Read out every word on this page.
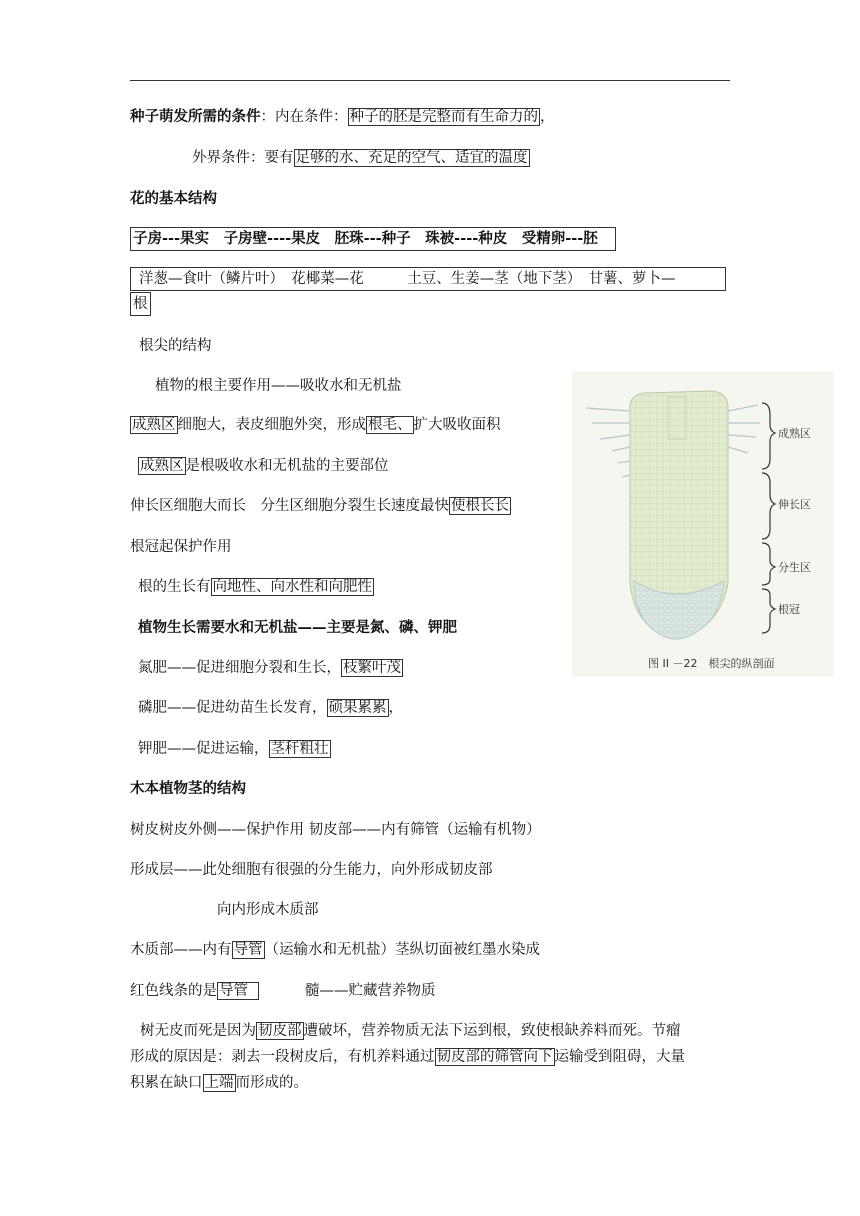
种子萌发所需的条件：内在条件： 种子的胚是完整而有生命力的 ，
外界条件：要有 足够的水、充足的空气、适宜的温度
花的基本结构
子房---果实　子房壁----果皮　胚珠---种子　珠被----种皮　受精卵---胚
洋葱—食叶（鳞片叶）　花椰菜—花　　　土豆、生姜—茎（地下茎）　甘薯、萝卜—
根
根尖的结构
植物的根主要作用——吸收水和无机盐
成熟区 细胞大，表皮细胞外突，形成 根毛、 扩大吸收面积
成熟区 是根吸收水和无机盐的主要部位
伸长区细胞大而长　分生区细胞分裂生长速度最快 使根长长
根冠起保护作用
根的生长有 向地性、向水性和向肥性
植物生长需要水和无机盐——主要是氮、磷、钾肥
氮肥——促进细胞分裂和生长， 枝繁叶茂
磷肥——促进幼苗生长发育， 硕果累累 ，
钾肥——促进运输， 茎秆粗壮
木本植物茎的结构
树皮树皮外侧——保护作用 韧皮部——内有筛管（运输有机物）
形成层——此处细胞有很强的分生能力，向外形成韧皮部
向内形成木质部
木质部——内有 导管 （运输水和无机盐）茎纵切面被红墨水染成
红色线条的是 导管	髓——贮藏营养物质
树无皮而死是因为 韧皮部 遭破坏，营养物质无法下运到根，致使根缺养料而死。节瘤
形成的原因是：剥去一段树皮后，有机养料通过 韧皮部的筛管向下 运输受到阻碍，大量
积累在缺口 上端 而形成的。
成熟区
伸长区
分生区
根冠
图 II －22　根尖的纵剖面
